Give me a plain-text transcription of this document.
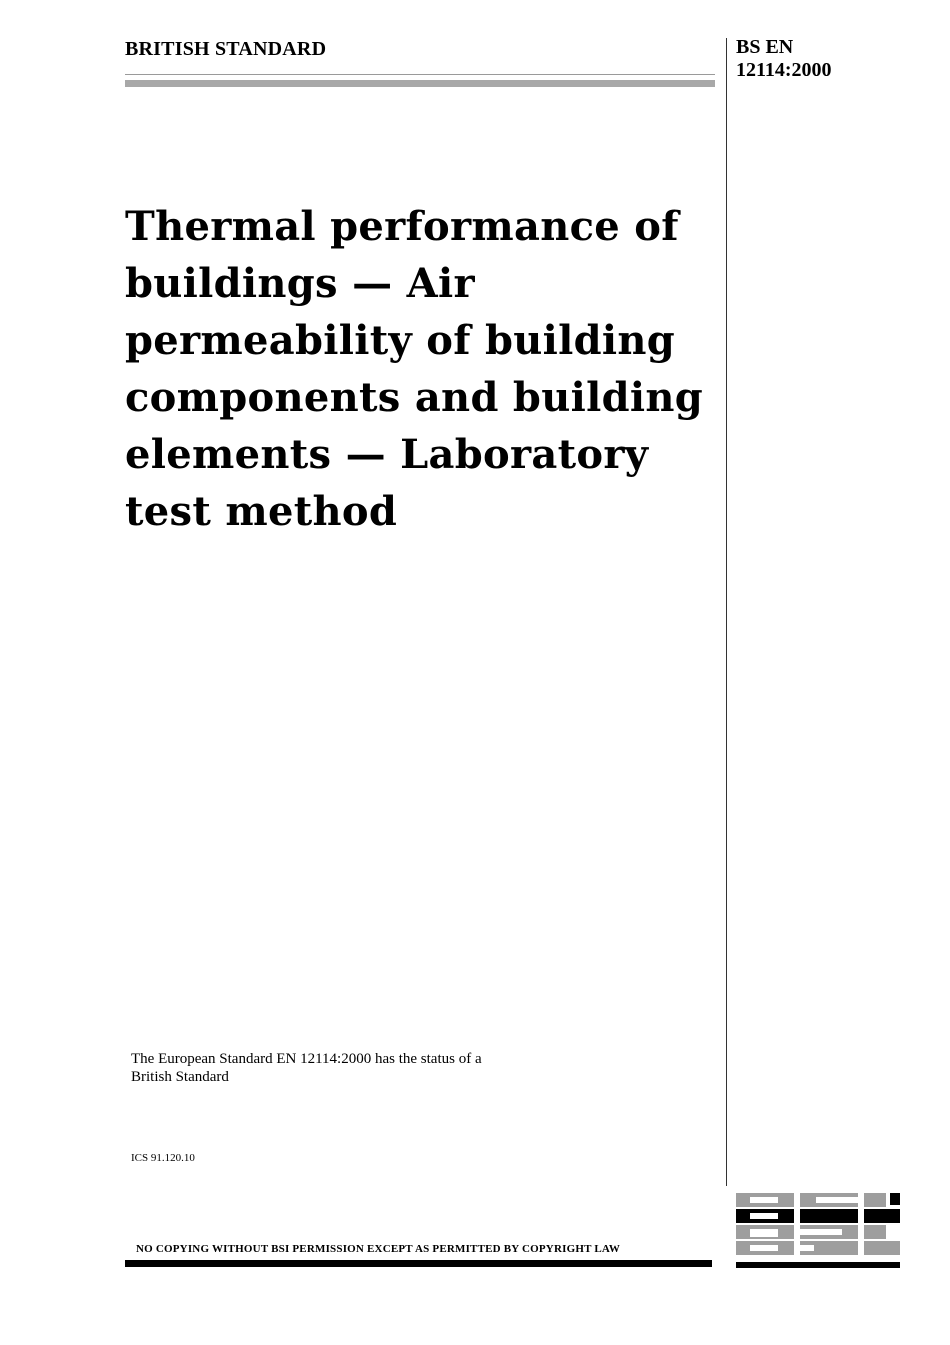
BRITISH STANDARD	BS EN
12114:2000
Thermal performance of
buildings — Air
permeability of building
components and building
elements — Laboratory
test method
The European Standard EN 12114:2000 has the status of a
British Standard
ICS 91.120.10
NO COPYING WITHOUT BSI PERMISSION EXCEPT AS PERMITTED BY COPYRIGHT LAW
